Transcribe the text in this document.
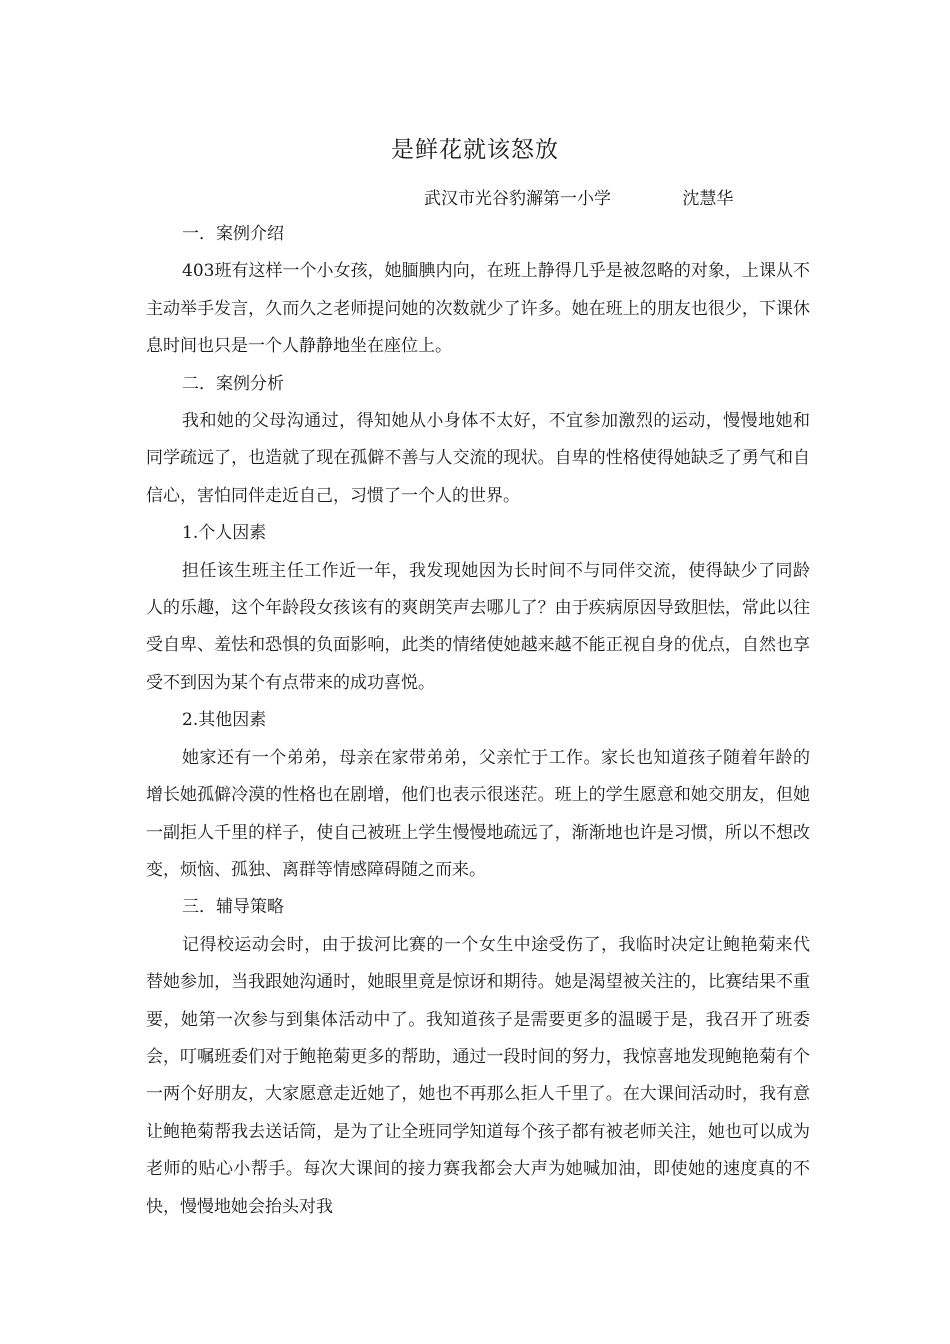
是鲜花就该怒放
武汉市光谷豹澥第一小学	沈慧华
一．案例介绍

403班有这样一个小女孩，她腼腆内向，在班上静得几乎是被忽略的对象，上课从不主动举手发言，久而久之老师提问她的次数就少了许多。她在班上的朋友也很少，下课休息时间也只是一个人静静地坐在座位上。

二．案例分析

我和她的父母沟通过，得知她从小身体不太好，不宜参加激烈的运动，慢慢地她和同学疏远了，也造就了现在孤僻不善与人交流的现状。自卑的性格使得她缺乏了勇气和自信心，害怕同伴走近自己，习惯了一个人的世界。

1.个人因素

担任该生班主任工作近一年，我发现她因为长时间不与同伴交流，使得缺少了同龄人的乐趣，这个年龄段女孩该有的爽朗笑声去哪儿了？由于疾病原因导致胆怯，常此以往受自卑、羞怯和恐惧的负面影响，此类的情绪使她越来越不能正视自身的优点，自然也享受不到因为某个有点带来的成功喜悦。

2.其他因素

她家还有一个弟弟，母亲在家带弟弟，父亲忙于工作。家长也知道孩子随着年龄的增长她孤僻冷漠的性格也在剧增，他们也表示很迷茫。班上的学生愿意和她交朋友，但她一副拒人千里的样子，使自己被班上学生慢慢地疏远了，渐渐地也许是习惯，所以不想改变，烦恼、孤独、离群等情感障碍随之而来。

三．辅导策略

记得校运动会时，由于拔河比赛的一个女生中途受伤了，我临时决定让鲍艳菊来代替她参加，当我跟她沟通时，她眼里竟是惊讶和期待。她是渴望被关注的，比赛结果不重要，她第一次参与到集体活动中了。我知道孩子是需要更多的温暖于是，我召开了班委会，叮嘱班委们对于鲍艳菊更多的帮助，通过一段时间的努力，我惊喜地发现鲍艳菊有个一两个好朋友，大家愿意走近她了，她也不再那么拒人千里了。在大课间活动时，我有意让鲍艳菊帮我去送话筒，是为了让全班同学知道每个孩子都有被老师关注，她也可以成为老师的贴心小帮手。每次大课间的接力赛我都会大声为她喊加油，即使她的速度真的不快，慢慢地她会抬头对我
